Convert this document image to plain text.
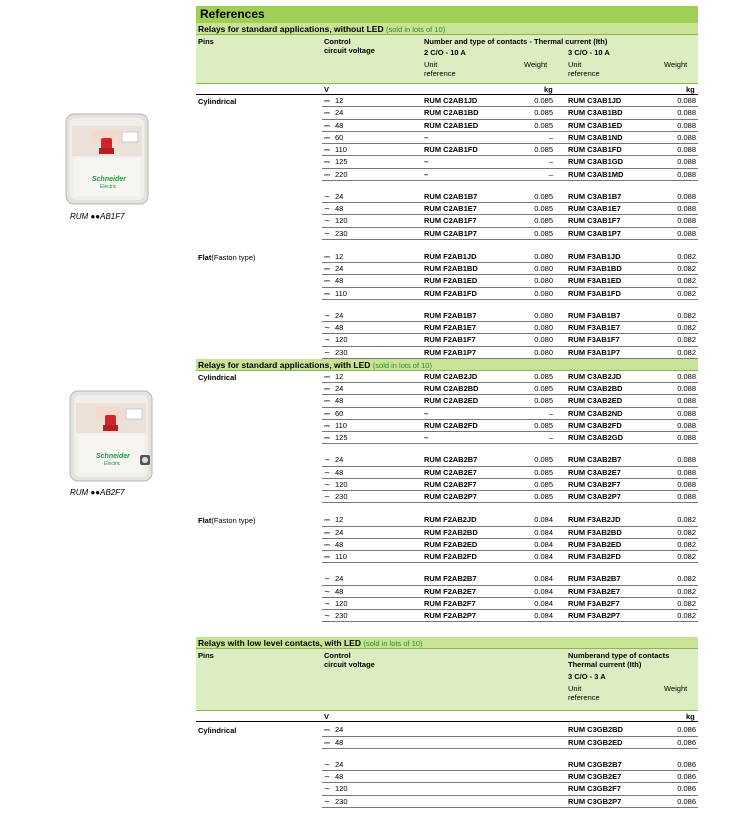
Schneider
Electric
RUM ●●AB1F7
Schneider
Electric
RUM ●●AB2F7
References
Relays for standard applications, without LED (sold in lots of 10)
Pins	Control
circuit voltage
Number and type of contacts - Thermal current (Ith)
2 C/O - 10 A	3 C/O - 10 A
Unit
reference
Weight	Unit
reference
Weight
V	kg	kg
Cylindrical	⎓ 12	RUM C2AB1JD	0.085 RUM C3AB1JD	0.088
⎓ 24	RUM C2AB1BD	0.085 RUM C3AB1BD	0.088
⎓ 48	RUM C2AB1ED	0.085 RUM C3AB1ED	0.088
⎓ 60	–	– RUM C3AB1ND	0.088
⎓ 110	RUM C2AB1FD	0.085 RUM C3AB1FD	0.088
⎓ 125	–	– RUM C3AB1GD	0.088
⎓ 220	–	– RUM C3AB1MD	0.088
∼ 24	RUM C2AB1B7	0.085 RUM C3AB1B7	0.088
∼ 48	RUM C2AB1E7	0.085 RUM C3AB1E7	0.088
∼ 120	RUM C2AB1F7	0.085 RUM C3AB1F7	0.088
∼ 230	RUM C2AB1P7	0.085 RUM C3AB1P7	0.088
Flat(Faston type)	⎓ 12	RUM F2AB1JD	0.080 RUM F3AB1JD	0.082
⎓ 24	RUM F2AB1BD	0.080 RUM F3AB1BD	0.082
⎓ 48	RUM F2AB1ED	0.080 RUM F3AB1ED	0.082
⎓ 110	RUM F2AB1FD	0.080 RUM F3AB1FD	0.082
∼ 24	RUM F2AB1B7	0.080 RUM F3AB1B7	0.082
∼ 48	RUM F2AB1E7	0.080 RUM F3AB1E7	0.082
∼ 120	RUM F2AB1F7	0.080 RUM F3AB1F7	0.082
∼ 230	RUM F2AB1P7	0.080 RUM F3AB1P7	0.082
Relays for standard applications, with LED (sold in lots of 10)
Cylindrical	⎓ 12	RUM C2AB2JD	0.085 RUM C3AB2JD	0.088
⎓ 24	RUM C2AB2BD	0.085 RUM C3AB2BD	0.088
⎓ 48	RUM C2AB2ED	0.085 RUM C3AB2ED	0.088
⎓ 60	–	– RUM C3AB2ND	0.088
⎓ 110	RUM C2AB2FD	0.085 RUM C3AB2FD	0.088
⎓ 125	–	– RUM C3AB2GD	0.088
∼ 24	RUM C2AB2B7	0.085 RUM C3AB2B7	0.088
∼ 48	RUM C2AB2E7	0.085 RUM C3AB2E7	0.088
∼ 120	RUM C2AB2F7	0.085 RUM C3AB2F7	0.088
∼ 230	RUM C2AB2P7	0.085 RUM C3AB2P7	0.088
Flat(Faston type)	⎓ 12	RUM F2AB2JD	0.084 RUM F3AB2JD	0.082
⎓ 24	RUM F2AB2BD	0.084 RUM F3AB2BD	0.082
⎓ 48	RUM F2AB2ED	0.084 RUM F3AB2ED	0.082
⎓ 110	RUM F2AB2FD	0.084 RUM F3AB2FD	0.082
∼ 24	RUM F2AB2B7	0.084 RUM F3AB2B7	0.082
∼ 48	RUM F2AB2E7	0.084 RUM F3AB2E7	0.082
∼ 120	RUM F2AB2F7	0.084 RUM F3AB2F7	0.082
∼ 230	RUM F2AB2P7	0.084 RUM F3AB2P7	0.082
Relays with low level contacts, with LED (sold in lots of 10)
Pins	Control
circuit voltage
Numberand type of contacts
Thermal current (Ith)
3 C/O - 3 A
Unit
reference
Weight
V	kg
Cylindrical	⎓ 24	RUM C3GB2BD	0.086
⎓ 48	RUM C3GB2ED	0.086
∼ 24	RUM C3GB2B7	0.086
∼ 48	RUM C3GB2E7	0.086
∼ 120	RUM C3GB2F7	0.086
∼ 230	RUM C3GB2P7	0.086
